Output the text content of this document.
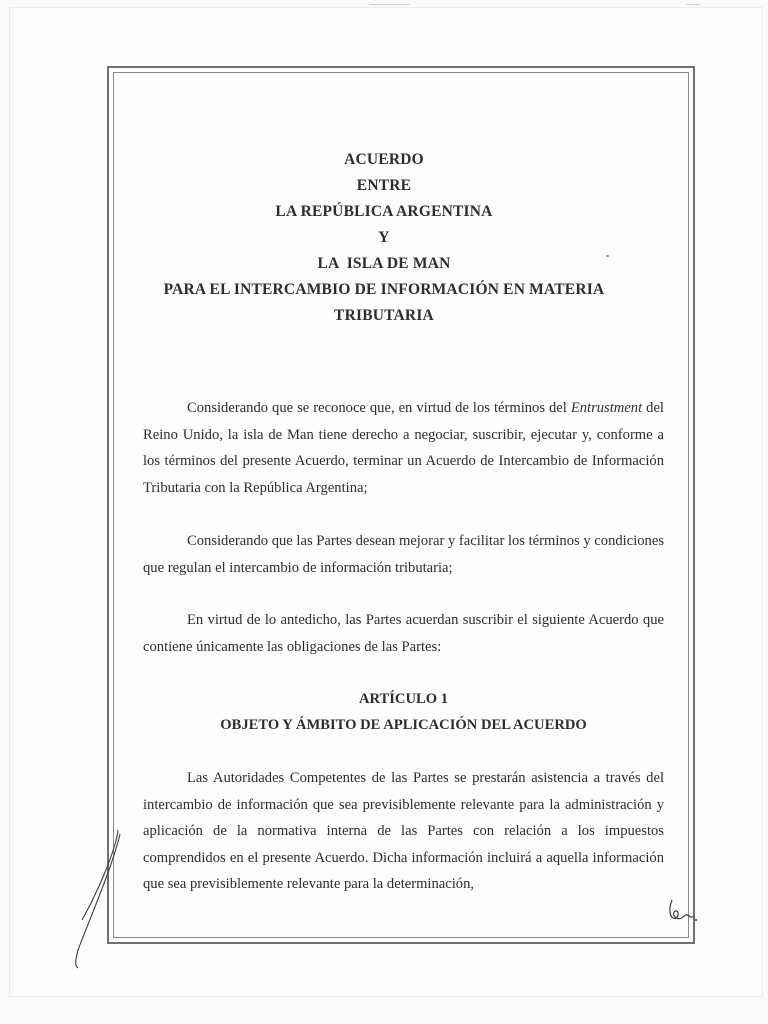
ACUERDO
ENTRE
LA REPÚBLICA ARGENTINA
Y
LA  ISLA DE MAN
PARA EL INTERCAMBIO DE INFORMACIÓN EN MATERIA
TRIBUTARIA
Considerando que se reconoce que, en virtud de los términos del Entrustment del Reino Unido, la isla de Man tiene derecho a negociar, suscribir, ejecutar y, conforme a los términos del presente Acuerdo, terminar un Acuerdo de Intercambio de Información Tributaria con la República Argentina;
Considerando que las Partes desean mejorar y facilitar los términos y condiciones que regulan el intercambio de información tributaria;
En virtud de lo antedicho, las Partes acuerdan suscribir el siguiente Acuerdo que contiene únicamente las obligaciones de las Partes:
ARTÍCULO 1
OBJETO Y ÁMBITO DE APLICACIÓN DEL ACUERDO
Las Autoridades Competentes de las Partes se prestarán asistencia a través del intercambio de información que sea previsiblemente relevante para la administración y aplicación de la normativa interna de las Partes con relación a los impuestos comprendidos en el presente Acuerdo. Dicha información incluirá a aquella información que sea previsiblemente relevante para la determinación,
